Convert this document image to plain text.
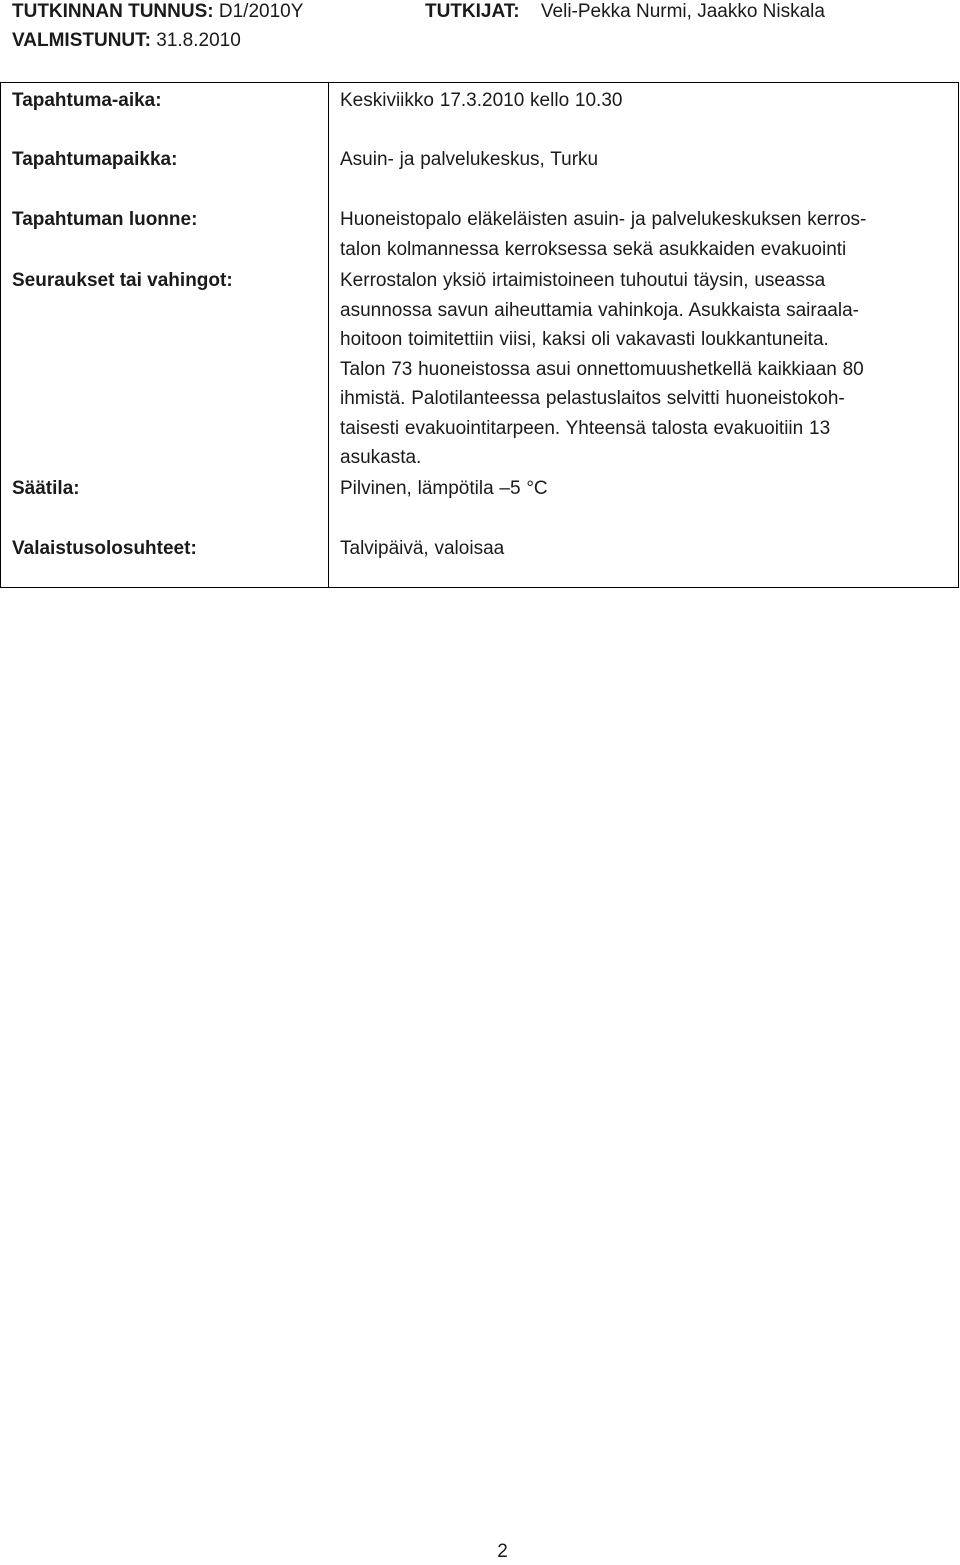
TUTKINNAN TUNNUS: D1/2010Y
VALMISTUNUT: 31.8.2010
TUTKIJAT: Veli-Pekka Nurmi, Jaakko Niskala
Tapahtuma-aika:	Keskiviikko 17.3.2010 kello 10.30
Tapahtumapaikka:	Asuin- ja palvelukeskus, Turku
Tapahtuman luonne:	Huoneistopalo eläkeläisten asuin- ja palvelukeskuksen kerros-
talon kolmannessa kerroksessa sekä asukkaiden evakuointi
Seuraukset tai vahingot:	Kerrostalon yksiö irtaimistoineen tuhoutui täysin, useassa
asunnossa savun aiheuttamia vahinkoja. Asukkaista sairaala-
hoitoon toimitettiin viisi, kaksi oli vakavasti loukkantuneita.
Talon 73 huoneistossa asui onnettomuushetkellä kaikkiaan 80
ihmistä. Palotilanteessa pelastuslaitos selvitti huoneistokoh-
taisesti evakuointitarpeen. Yhteensä talosta evakuoitiin 13
asukasta.
Säätila:	Pilvinen, lämpötila –5 °C
Valaistusolosuhteet:	Talvipäivä, valoisaa
2
